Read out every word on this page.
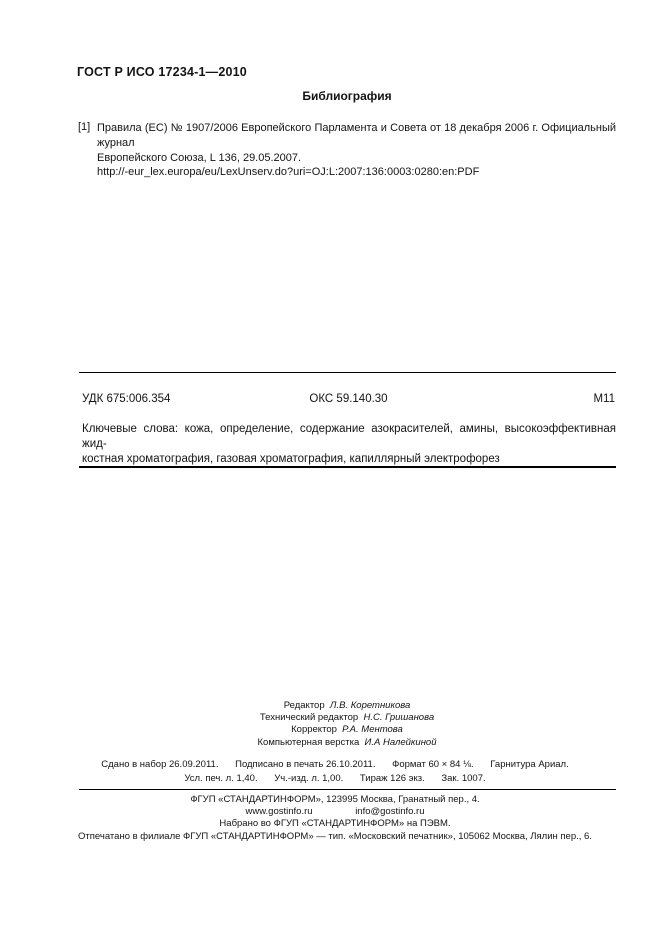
ГОСТ Р ИСО 17234-1—2010
Библиография
[1] Правила (ЕС) № 1907/2006 Европейского Парламента и Совета от 18 декабря 2006 г. Официальный журнал
Европейского Союза, L 136, 29.05.2007.
http://-eur_lex.europa/eu/LexUnserv.do?uri=OJ:L:2007:136:0003:0280:en:PDF
ОКС 59.140.30
УДК 675:006.354	М11
Ключевые слова: кожа, определение, содержание азокрасителей, амины, высокоэффективная жид-
костная хроматография, газовая хроматография, капиллярный электрофорез
Редактор Л.В. Коретникова
Технический редактор Н.С. Гришанова
Корректор Р.А. Ментова
Компьютерная верстка И.А Налейкиной
Сдано в набор 26.09.2011. Подписано в печать 26.10.2011. Формат 60 × 84 ⅛. Гарнитура Ариал.
Усл. печ. л. 1,40. Уч.-изд. л. 1,00. Тираж 126 экз. Зак. 1007.
ФГУП «СТАНДАРТИНФОРМ», 123995 Москва, Гранатный пер., 4.
www.gostinfo.ru	info@gostinfo.ru
Набрано во ФГУП «СТАНДАРТИНФОРМ» на ПЭВМ.
Отпечатано в филиале ФГУП «СТАНДАРТИНФОРМ» — тип. «Московский печатник», 105062 Москва, Лялин пер., 6.
